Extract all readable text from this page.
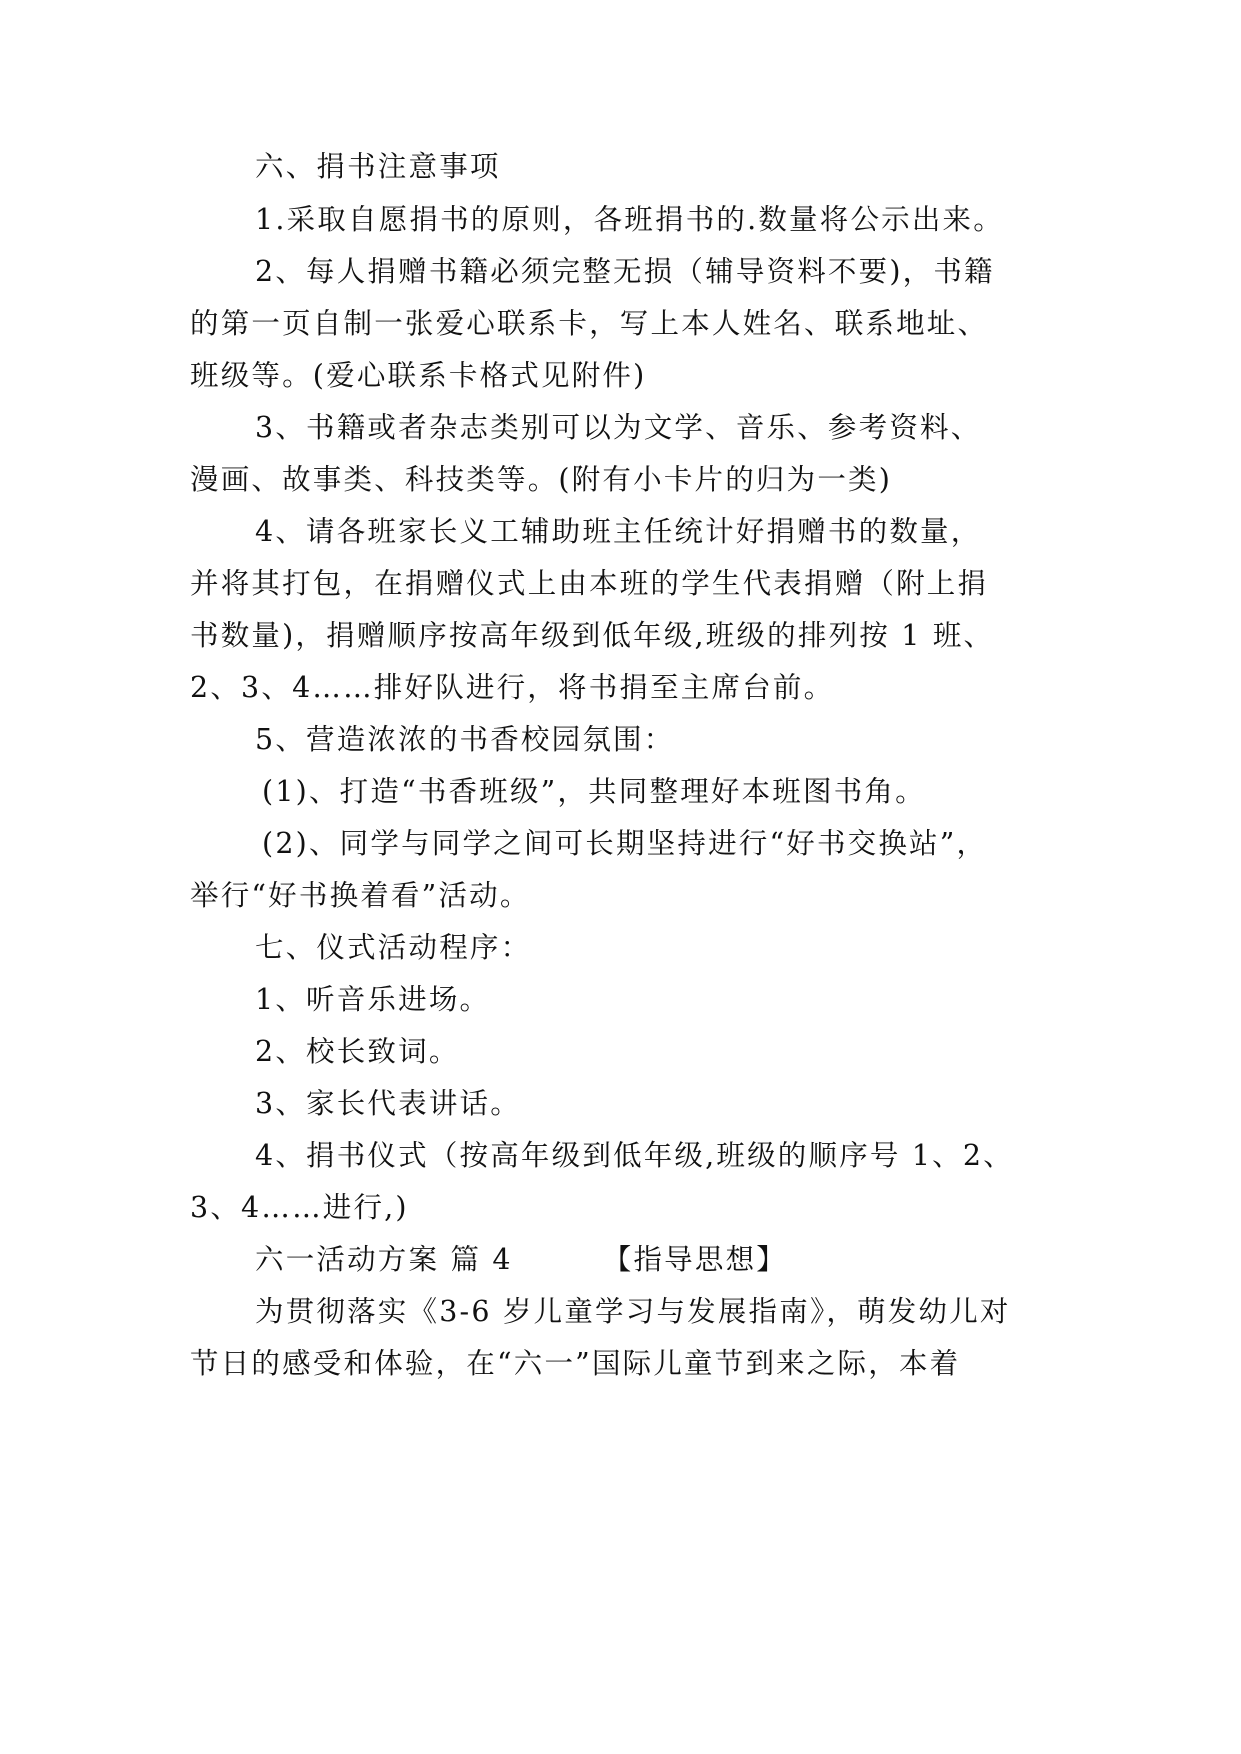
六、捐书注意事项
1.采取自愿捐书的原则，各班捐书的.数量将公示出来。
2、每人捐赠书籍必须完整无损（辅导资料不要)，书籍
的第一页自制一张爱心联系卡，写上本人姓名、联系地址、
班级等。(爱心联系卡格式见附件)
3、书籍或者杂志类别可以为文学、音乐、参考资料、
漫画、故事类、科技类等。(附有小卡片的归为一类)
4、请各班家长义工辅助班主任统计好捐赠书的数量，
并将其打包，在捐赠仪式上由本班的学生代表捐赠（附上捐
书数量)，捐赠顺序按高年级到低年级,班级的排列按 1 班、
2、3、4……排好队进行，将书捐至主席台前。
5、营造浓浓的书香校园氛围：
(1)、打造“书香班级”，共同整理好本班图书角。
(2)、同学与同学之间可长期坚持进行“好书交换站”，
举行“好书换着看”活动。
七、仪式活动程序：
1、听音乐进场。
2、校长致词。
3、家长代表讲话。
4、捐书仪式（按高年级到低年级,班级的顺序号 1、2、
3、4……进行,)
六一活动方案 篇 4	【指导思想】
为贯彻落实《3-6 岁儿童学习与发展指南》，萌发幼儿对
节日的感受和体验，在“六一”国际儿童节到来之际，本着
